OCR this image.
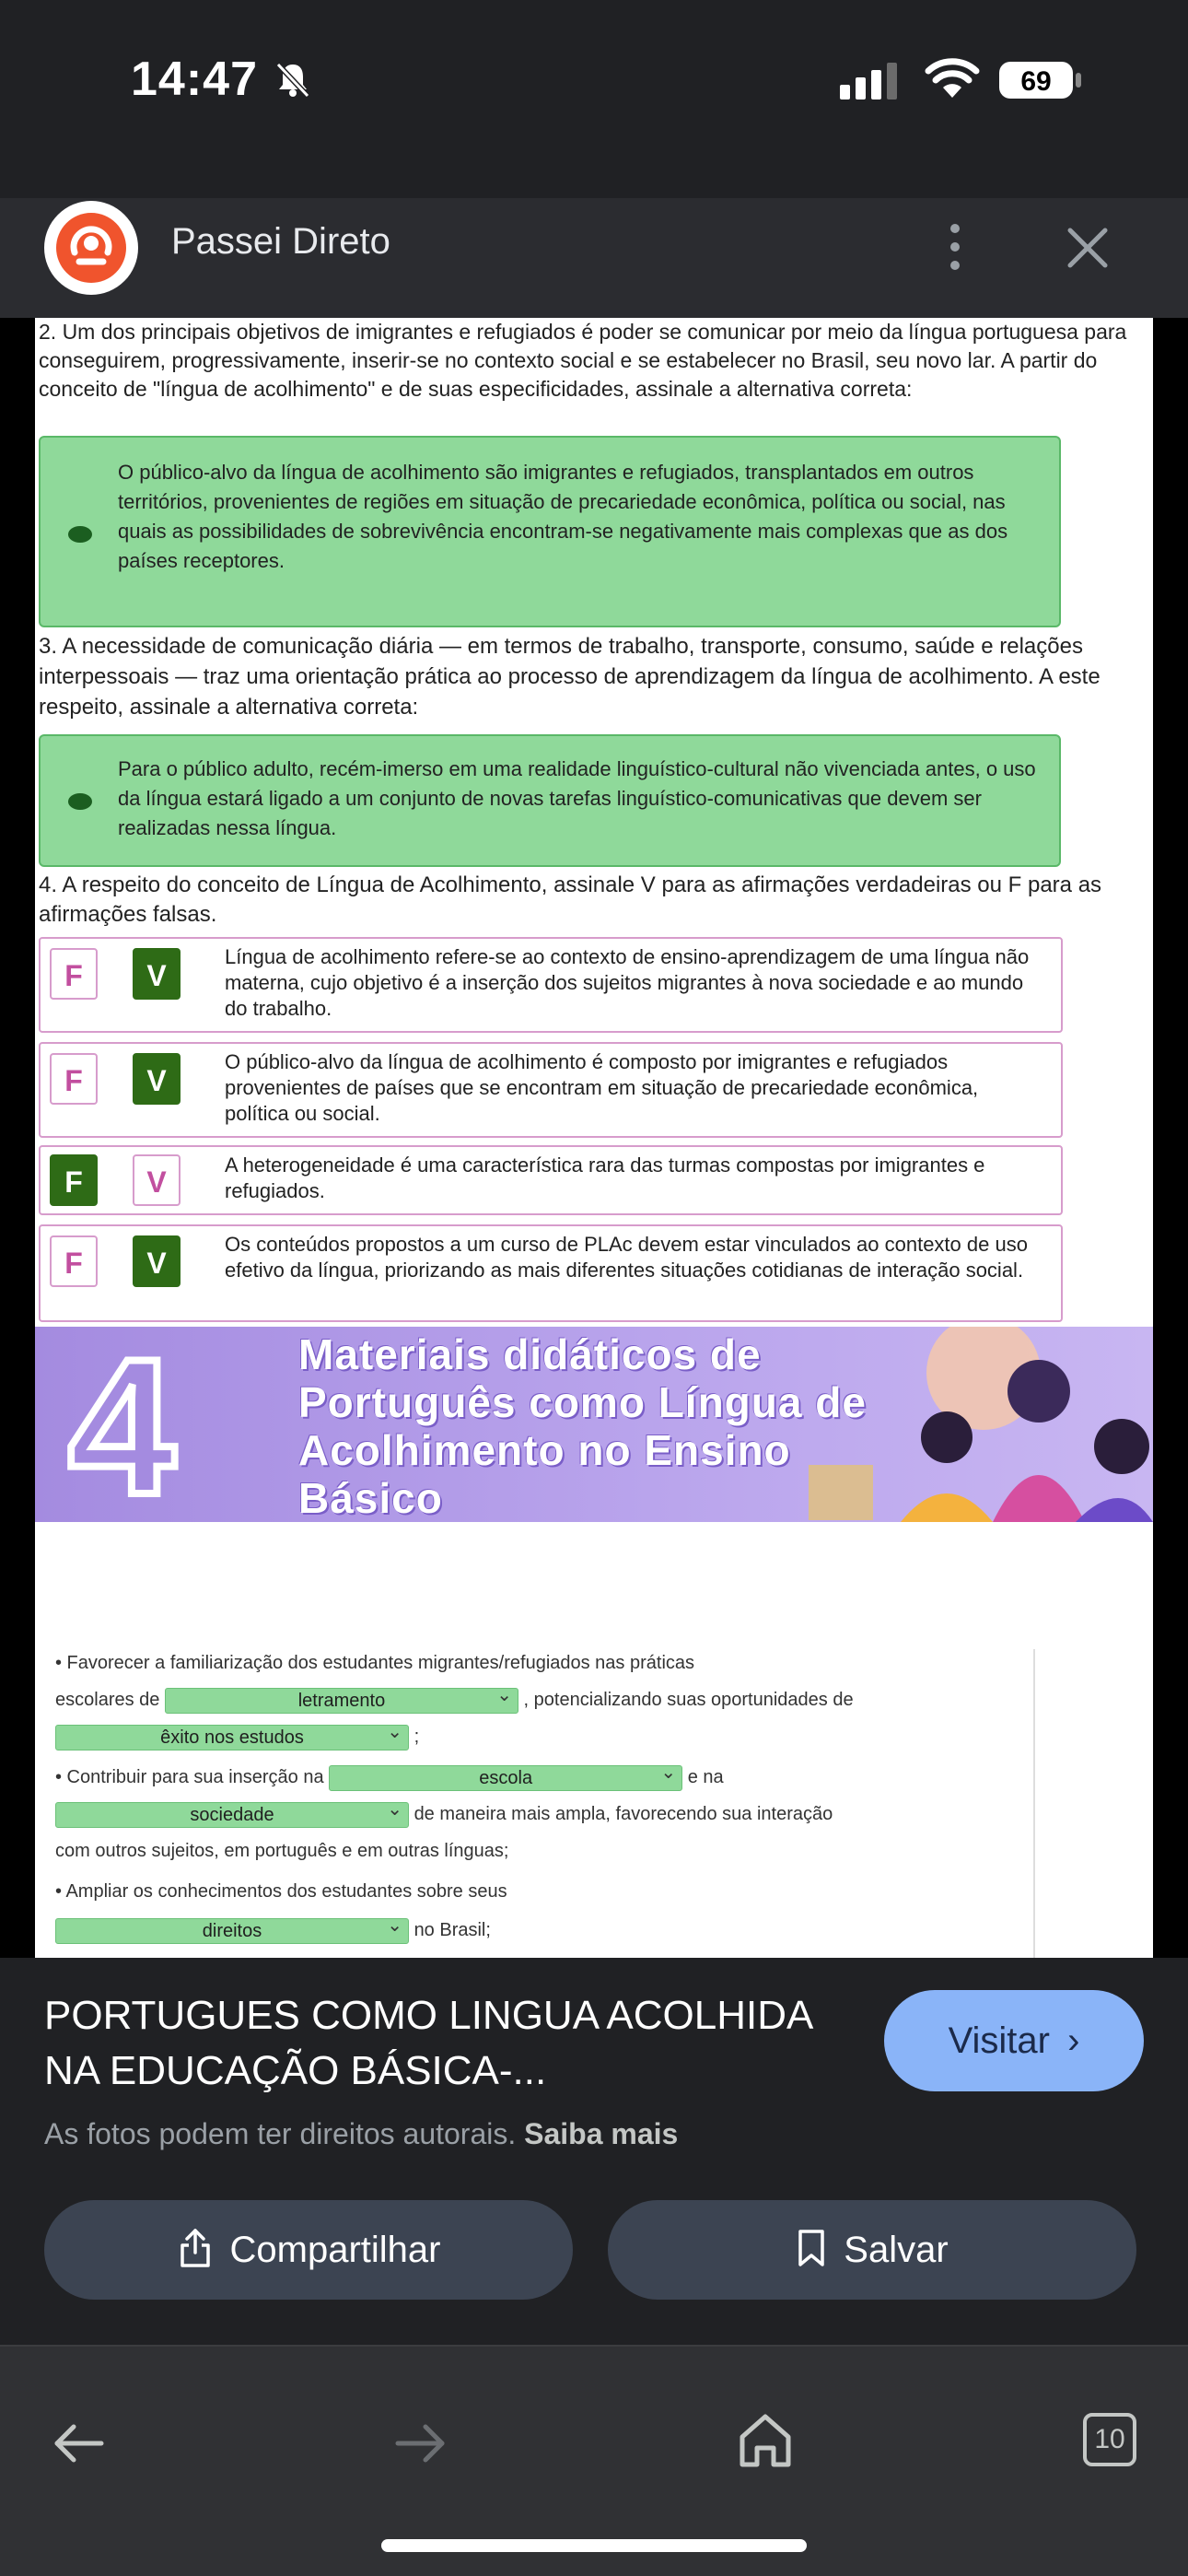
14:47	69
Passei Direto
2. Um dos principais objetivos de imigrantes e refugiados é poder se comunicar por meio da língua portuguesa para conseguirem, progressivamente, inserir-se no contexto social e se estabelecer no Brasil, seu novo lar. A partir do conceito de "língua de acolhimento" e de suas especificidades, assinale a alternativa correta:
O público-alvo da língua de acolhimento são imigrantes e refugiados, transplantados em outros territórios, provenientes de regiões em situação de precariedade econômica, política ou social, nas quais as possibilidades de sobrevivência encontram-se negativamente mais complexas que as dos países receptores.
3. A necessidade de comunicação diária — em termos de trabalho, transporte, consumo, saúde e relações interpessoais — traz uma orientação prática ao processo de aprendizagem da língua de acolhimento. A este respeito, assinale a alternativa correta:
Para o público adulto, recém-imerso em uma realidade linguístico-cultural não vivenciada antes, o uso da língua estará ligado a um conjunto de novas tarefas linguístico-comunicativas que devem ser realizadas nessa língua.
4. A respeito do conceito de Língua de Acolhimento, assinale V para as afirmações verdadeiras ou F para as afirmações falsas.
F	V
Língua de acolhimento refere-se ao contexto de ensino-aprendizagem de uma língua não materna, cujo objetivo é a inserção dos sujeitos migrantes à nova sociedade e ao mundo do trabalho.
F	V
O público-alvo da língua de acolhimento é composto por imigrantes e refugiados provenientes de países que se encontram em situação de precariedade econômica, política ou social.
F	V
A heterogeneidade é uma característica rara das turmas compostas por imigrantes e refugiados.
F	V
Os conteúdos propostos a um curso de PLAc devem estar vinculados ao contexto de uso efetivo da língua, priorizando as mais diferentes situações cotidianas de interação social.
4	Materiais didáticos de
Português como Língua de
Acolhimento no Ensino
Básico
• Favorecer a familiarização dos estudantes migrantes/refugiados nas práticas
escolares de	letramento ⌄	, potencializando suas oportunidades de
êxito nos estudos ⌄	;
• Contribuir para sua inserção na	escola ⌄	e na
sociedade ⌄	de maneira mais ampla, favorecendo sua interação
com outros sujeitos, em português e em outras línguas;
• Ampliar os conhecimentos dos estudantes sobre seus
direitos ⌄	no Brasil;
PORTUGUES COMO LINGUA ACOLHIDA NA EDUCAÇÃO BÁSICA-...
Visitar ›
As fotos podem ter direitos autorais. Saiba mais
Compartilhar	Salvar
10
